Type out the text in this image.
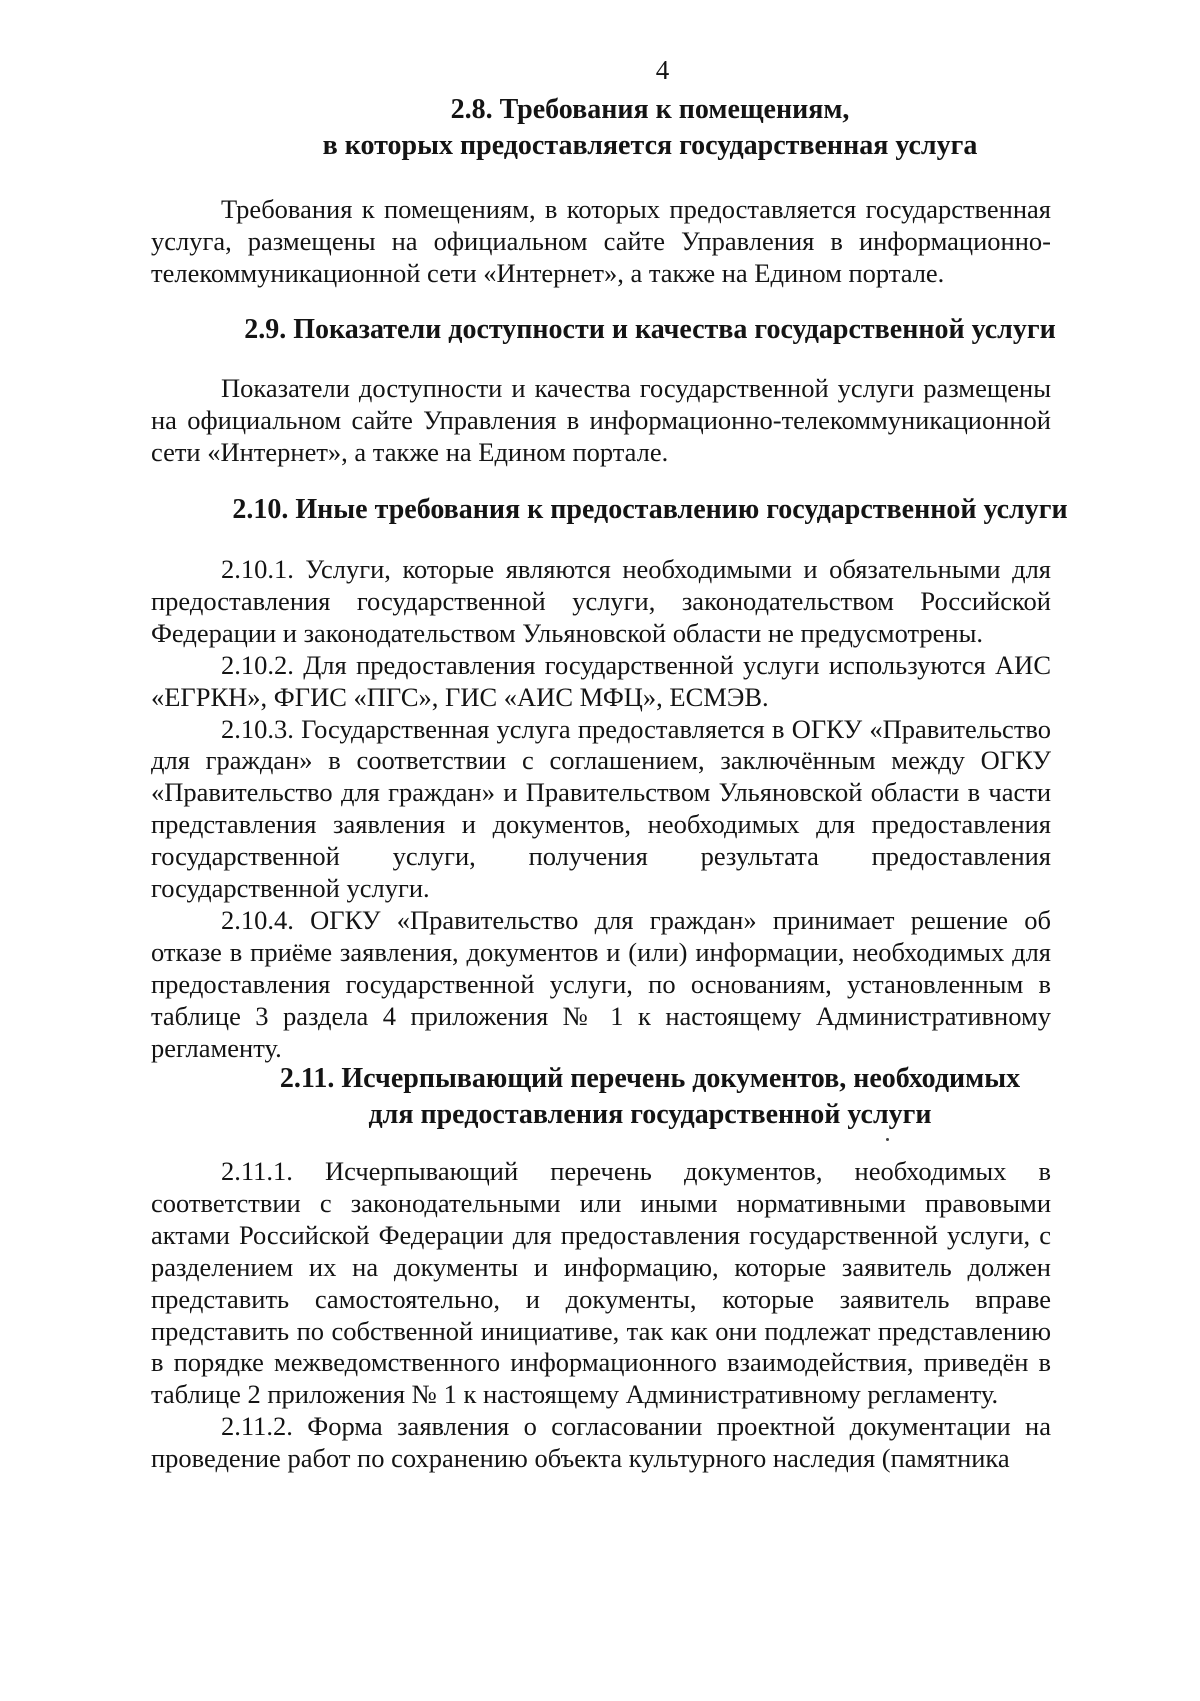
4
2.8. Требования к помещениям,
в которых предоставляется государственная услуга

Требования к помещениям, в которых предоставляется государственная услуга, размещены на официальном сайте Управления в информационно-телекоммуникационной сети «Интернет», а также на Едином портале.

2.9. Показатели доступности и качества государственной услуги

Показатели доступности и качества государственной услуги размещены на официальном сайте Управления в информационно-телекоммуникационной сети «Интернет», а также на Едином портале.

2.10. Иные требования к предоставлению государственной услуги

2.10.1. Услуги, которые являются необходимыми и обязательными для предоставления государственной услуги, законодательством Российской Федерации и законодательством Ульяновской области не предусмотрены.

2.10.2. Для предоставления государственной услуги используются АИС «ЕГРКН», ФГИС «ПГС», ГИС «АИС МФЦ», ЕСМЭВ.

2.10.3. Государственная услуга предоставляется в ОГКУ «Правительство для граждан» в соответствии с соглашением, заключённым между ОГКУ «Правительство для граждан» и Правительством Ульяновской области в части представления заявления и документов, необходимых для предоставления государственной услуги, получения результата предоставления государственной услуги.

2.10.4. ОГКУ «Правительство для граждан» принимает решение об отказе в приёме заявления, документов и (или) информации, необходимых для предоставления государственной услуги, по основаниям, установленным в таблице 3 раздела 4 приложения № 1 к настоящему Административному регламенту.

2.11. Исчерпывающий перечень документов, необходимых
для предоставления государственной услуги

2.11.1. Исчерпывающий перечень документов, необходимых в соответствии с законодательными или иными нормативными правовыми актами Российской Федерации для предоставления государственной услуги, с разделением их на документы и информацию, которые заявитель должен представить самостоятельно, и документы, которые заявитель вправе представить по собственной инициативе, так как они подлежат представлению в порядке межведомственного информационного взаимодействия, приведён в таблице 2 приложения № 1 к настоящему Административному регламенту.

2.11.2. Форма заявления о согласовании проектной документации на проведение работ по сохранению объекта культурного наследия (памятника
